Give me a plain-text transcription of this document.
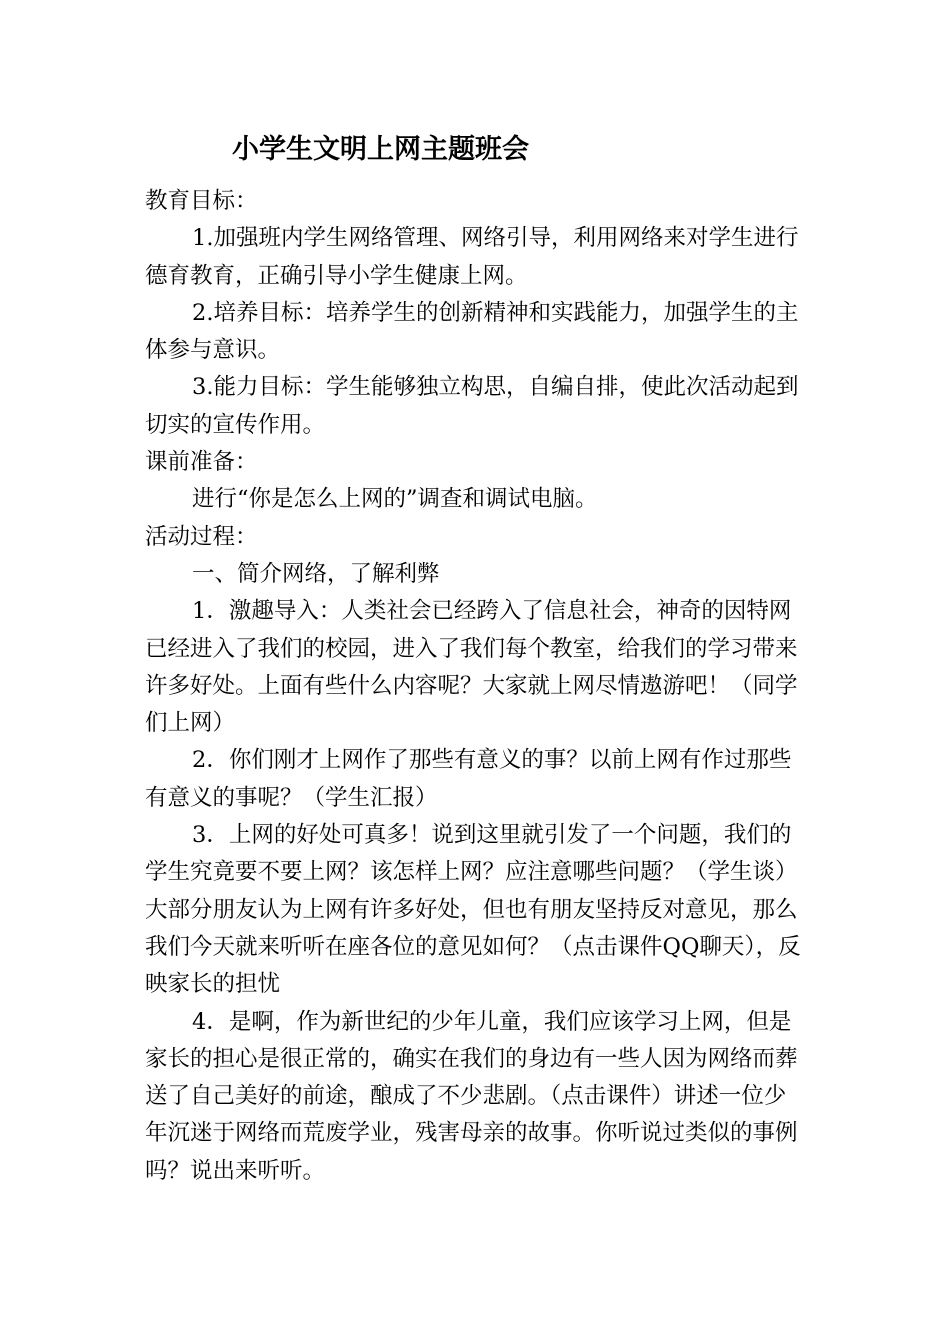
小学生文明上网主题班会

教育目标：

1.加强班内学生网络管理、网络引导，利用网络来对学生进行德育教育，正确引导小学生健康上网。

2.培养目标：培养学生的创新精神和实践能力，加强学生的主体参与意识。

3.能力目标：学生能够独立构思，自编自排，使此次活动起到切实的宣传作用。

课前准备：

进行“你是怎么上网的”调查和调试电脑。

活动过程：

一、简介网络，了解利弊

1．激趣导入：人类社会已经跨入了信息社会，神奇的因特网已经进入了我们的校园，进入了我们每个教室，给我们的学习带来许多好处。上面有些什么内容呢？大家就上网尽情遨游吧！（同学们上网）

2．你们刚才上网作了那些有意义的事？以前上网有作过那些有意义的事呢？（学生汇报）

3．上网的好处可真多！说到这里就引发了一个问题，我们的学生究竟要不要上网？该怎样上网？应注意哪些问题？（学生谈）大部分朋友认为上网有许多好处，但也有朋友坚持反对意见，那么我们今天就来听听在座各位的意见如何？（点击课件QQ聊天），反映家长的担忧

4．是啊，作为新世纪的少年儿童，我们应该学习上网，但是家长的担心是很正常的，确实在我们的身边有一些人因为网络而葬送了自己美好的前途，酿成了不少悲剧。（点击课件）讲述一位少年沉迷于网络而荒废学业，残害母亲的故事。你听说过类似的事例吗？说出来听听。
